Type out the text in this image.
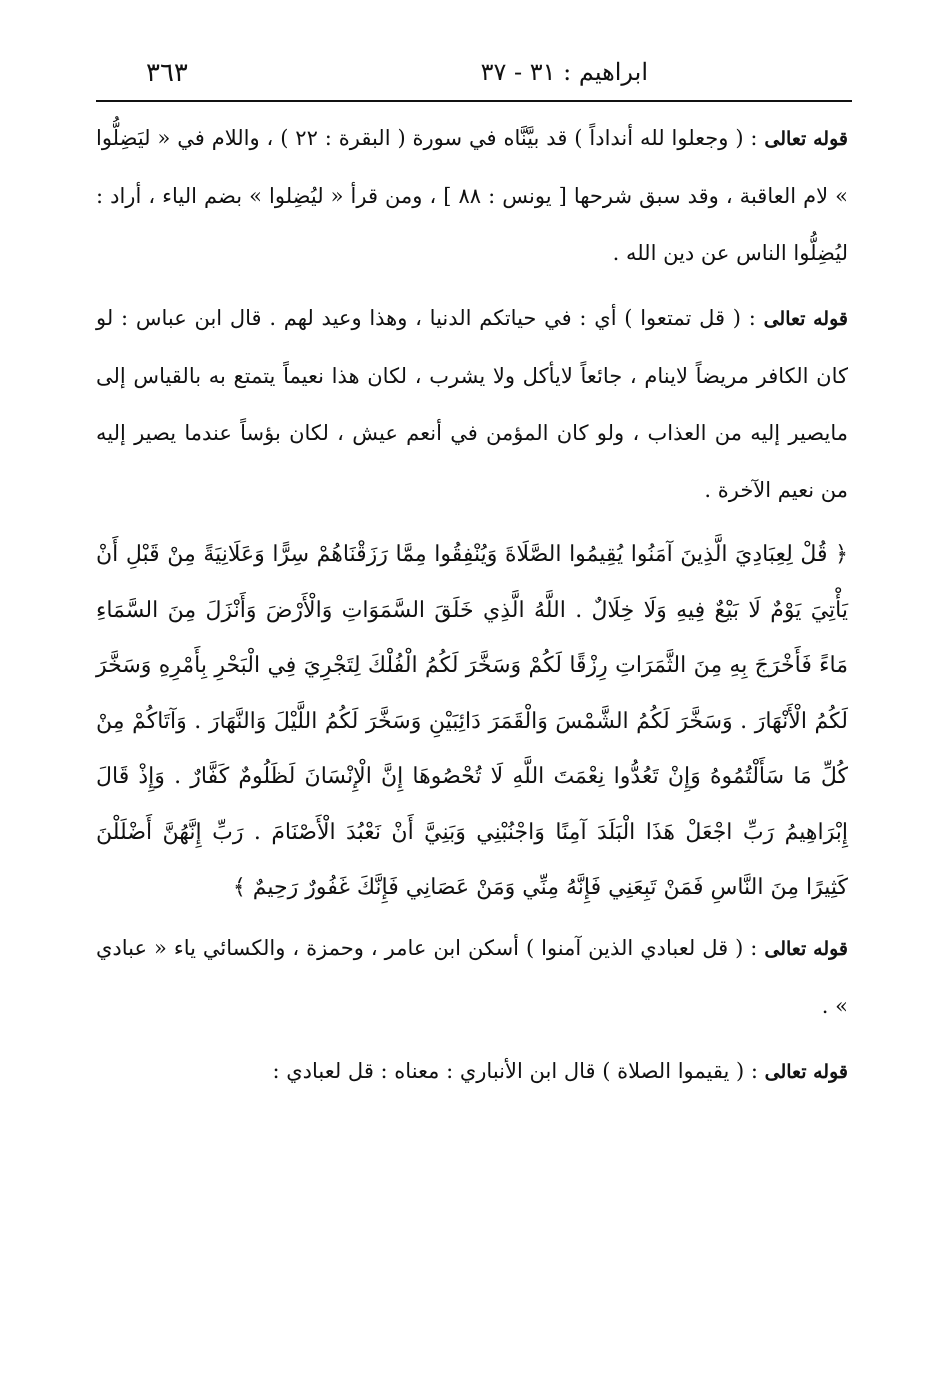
٣٦٣	ابراهيم : ٣١ - ٣٧

قوله تعالى : ( وجعلوا لله أنداداً ) قد بيَّنَّاه في سورة ( البقرة : ٢٢ ) ، واللام في « ليَضِلُّوا » لام العاقبة ، وقد سبق شرحها [ يونس : ٨٨ ] ، ومن قرأ « ليُضِلوا » بضم الياء ، أراد : ليُضِلُّوا الناس عن دين الله .

قوله تعالى : ( قل تمتعوا ) أي : في حياتكم الدنيا ، وهذا وعيد لهم . قال ابن عباس : لو كان الكافر مريضاً لاينام ، جائعاً لايأكل ولا يشرب ، لكان هذا نعيماً يتمتع به بالقياس إلى مايصير إليه من العذاب ، ولو كان المؤمن في أنعم عيش ، لكان بؤساً عندما يصير إليه من نعيم الآخرة .

﴿ قُلْ لِعِبَادِيَ الَّذِينَ آمَنُوا يُقِيمُوا الصَّلَاةَ وَيُنْفِقُوا مِمَّا رَزَقْنَاهُمْ سِرًّا وَعَلَانِيَةً مِنْ قَبْلِ أَنْ يَأْتِيَ يَوْمٌ لَا بَيْعٌ فِيهِ وَلَا خِلَالٌ . اللَّهُ الَّذِي خَلَقَ السَّمَوَاتِ وَالْأَرْضَ وَأَنْزَلَ مِنَ السَّمَاءِ مَاءً فَأَخْرَجَ بِهِ مِنَ الثَّمَرَاتِ رِزْقًا لَكُمْ وَسَخَّرَ لَكُمُ الْفُلْكَ لِتَجْرِيَ فِي الْبَحْرِ بِأَمْرِهِ وَسَخَّرَ لَكُمُ الْأَنْهَارَ . وَسَخَّرَ لَكُمُ الشَّمْسَ وَالْقَمَرَ دَائِبَيْنِ وَسَخَّرَ لَكُمُ اللَّيْلَ وَالنَّهَارَ . وَآتَاكُمْ مِنْ كُلِّ مَا سَأَلْتُمُوهُ وَإِنْ تَعُدُّوا نِعْمَتَ اللَّهِ لَا تُحْصُوهَا إِنَّ الْإِنْسَانَ لَظَلُومٌ كَفَّارٌ . وَإِذْ قَالَ إِبْرَاهِيمُ رَبِّ اجْعَلْ هَذَا الْبَلَدَ آمِنًا وَاجْنُبْنِي وَبَنِيَّ أَنْ نَعْبُدَ الْأَصْنَامَ . رَبِّ إِنَّهُنَّ أَضْلَلْنَ كَثِيرًا مِنَ النَّاسِ فَمَنْ تَبِعَنِي فَإِنَّهُ مِنِّي وَمَنْ عَصَانِي فَإِنَّكَ غَفُورٌ رَحِيمٌ ﴾

قوله تعالى : ( قل لعبادي الذين آمنوا ) أسكن ابن عامر ، وحمزة ، والكسائي ياء « عبادي » .

قوله تعالى : ( يقيموا الصلاة ) قال ابن الأنباري : معناه : قل لعبادي :
